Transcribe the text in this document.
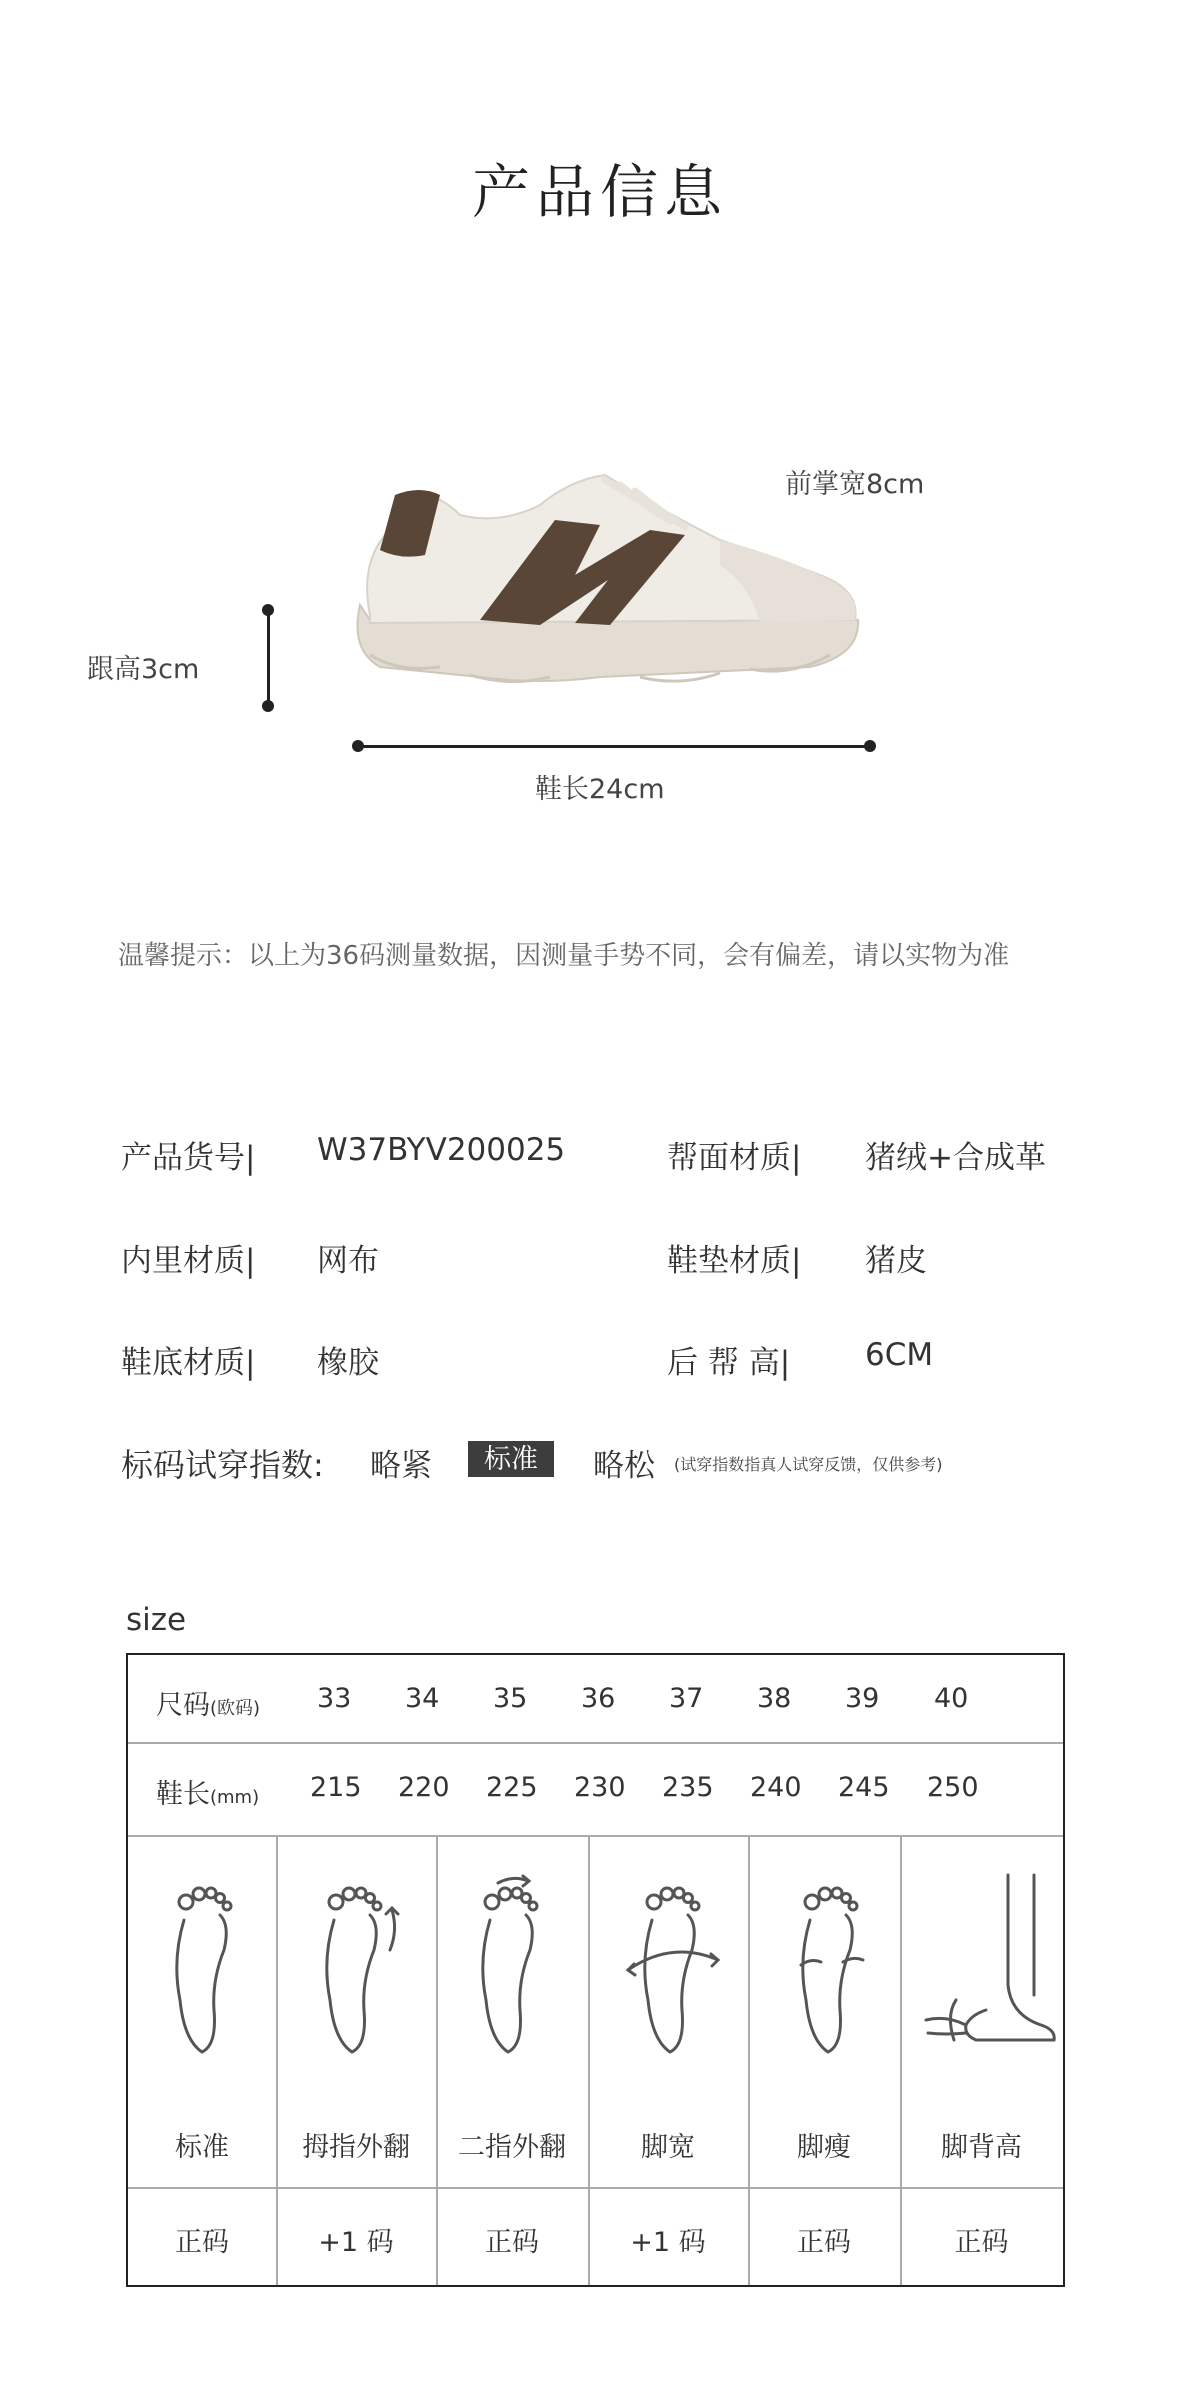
产品信息
前掌宽8cm
跟高3cm
鞋长24cm
温馨提示：以上为36码测量数据，因测量手势不同，会有偏差，请以实物为准
产品货号| W37BYV200025	帮面材质| 猪绒+合成革
内里材质| 网布	鞋垫材质| 猪皮
鞋底材质| 橡胶	后 帮 高| 6CM
标码试穿指数: 略紧	标准	略松 (试穿指数指真人试穿反馈，仅供参考)
size
尺码(欧码) 33 34 35 36 37 38 39 40
鞋长(mm) 215 220 225 230 235 240 245 250
标准	拇指外翻	二指外翻	脚宽	脚瘦	脚背高
正码	+1 码	正码	+1 码	正码	正码
